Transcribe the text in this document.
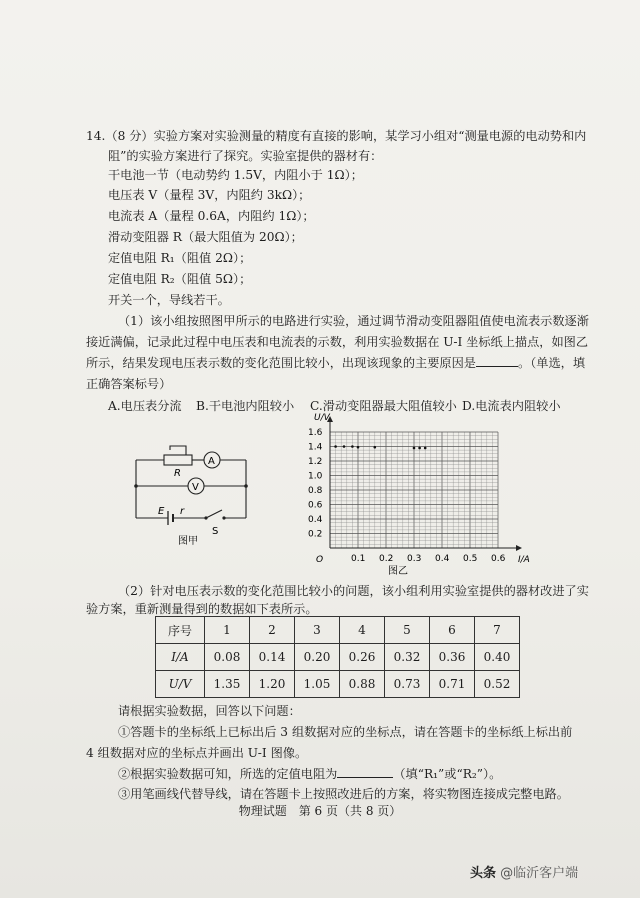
14.（8 分）实验方案对实验测量的精度有直接的影响，某学习小组对“测量电源的电动势和内
阻”的实验方案进行了探究。实验室提供的器材有：
干电池一节（电动势约 1.5V，内阻小于 1Ω）；
电压表 V（量程 3V，内阻约 3kΩ）；
电流表 A（量程 0.6A，内阻约 1Ω）；
滑动变阻器 R（最大阻值为 20Ω）；
定值电阻 R₁（阻值 2Ω）；
定值电阻 R₂（阻值 5Ω）；
开关一个，导线若干。
（1）该小组按照图甲所示的电路进行实验，通过调节滑动变阻器阻值使电流表示数逐渐
接近满偏，记录此过程中电压表和电流表的示数，利用实验数据在 U-I 坐标纸上描点，如图乙
所示，结果发现电压表示数的变化范围比较小，出现该现象的主要原因是	。（单选，填
正确答案标号）
A.电压表分流 B.干电池内阻较小 C.滑动变阻器最大阻值较小 D.电流表内阻较小
R
A
V
E r
S
图甲
0.1 0.2 0.3 0.4 0.5 0.6
0.2
0.4
0.6
0.8
1.0
1.2
1.4
1.6
O	I/A
U/V
图乙
（2）针对电压表示数的变化范围比较小的问题，该小组利用实验室提供的器材改进了实
验方案，重新测量得到的数据如下表所示。
序号	1	2	3	4	5	6	7
I/A	0.08	0.14	0.20	0.26	0.32	0.36	0.40
U/V	1.35	1.20	1.05	0.88	0.73	0.71	0.52
请根据实验数据，回答以下问题：
①答题卡的坐标纸上已标出后 3 组数据对应的坐标点，请在答题卡的坐标纸上标出前
4 组数据对应的坐标点并画出 U-I 图像。
②根据实验数据可知，所选的定值电阻为	（填“R₁”或“R₂”）。
③用笔画线代替导线，请在答题卡上按照改进后的方案，将实物图连接成完整电路。
物理试题　第 6 页（共 8 页）
头条 @临沂客户端
